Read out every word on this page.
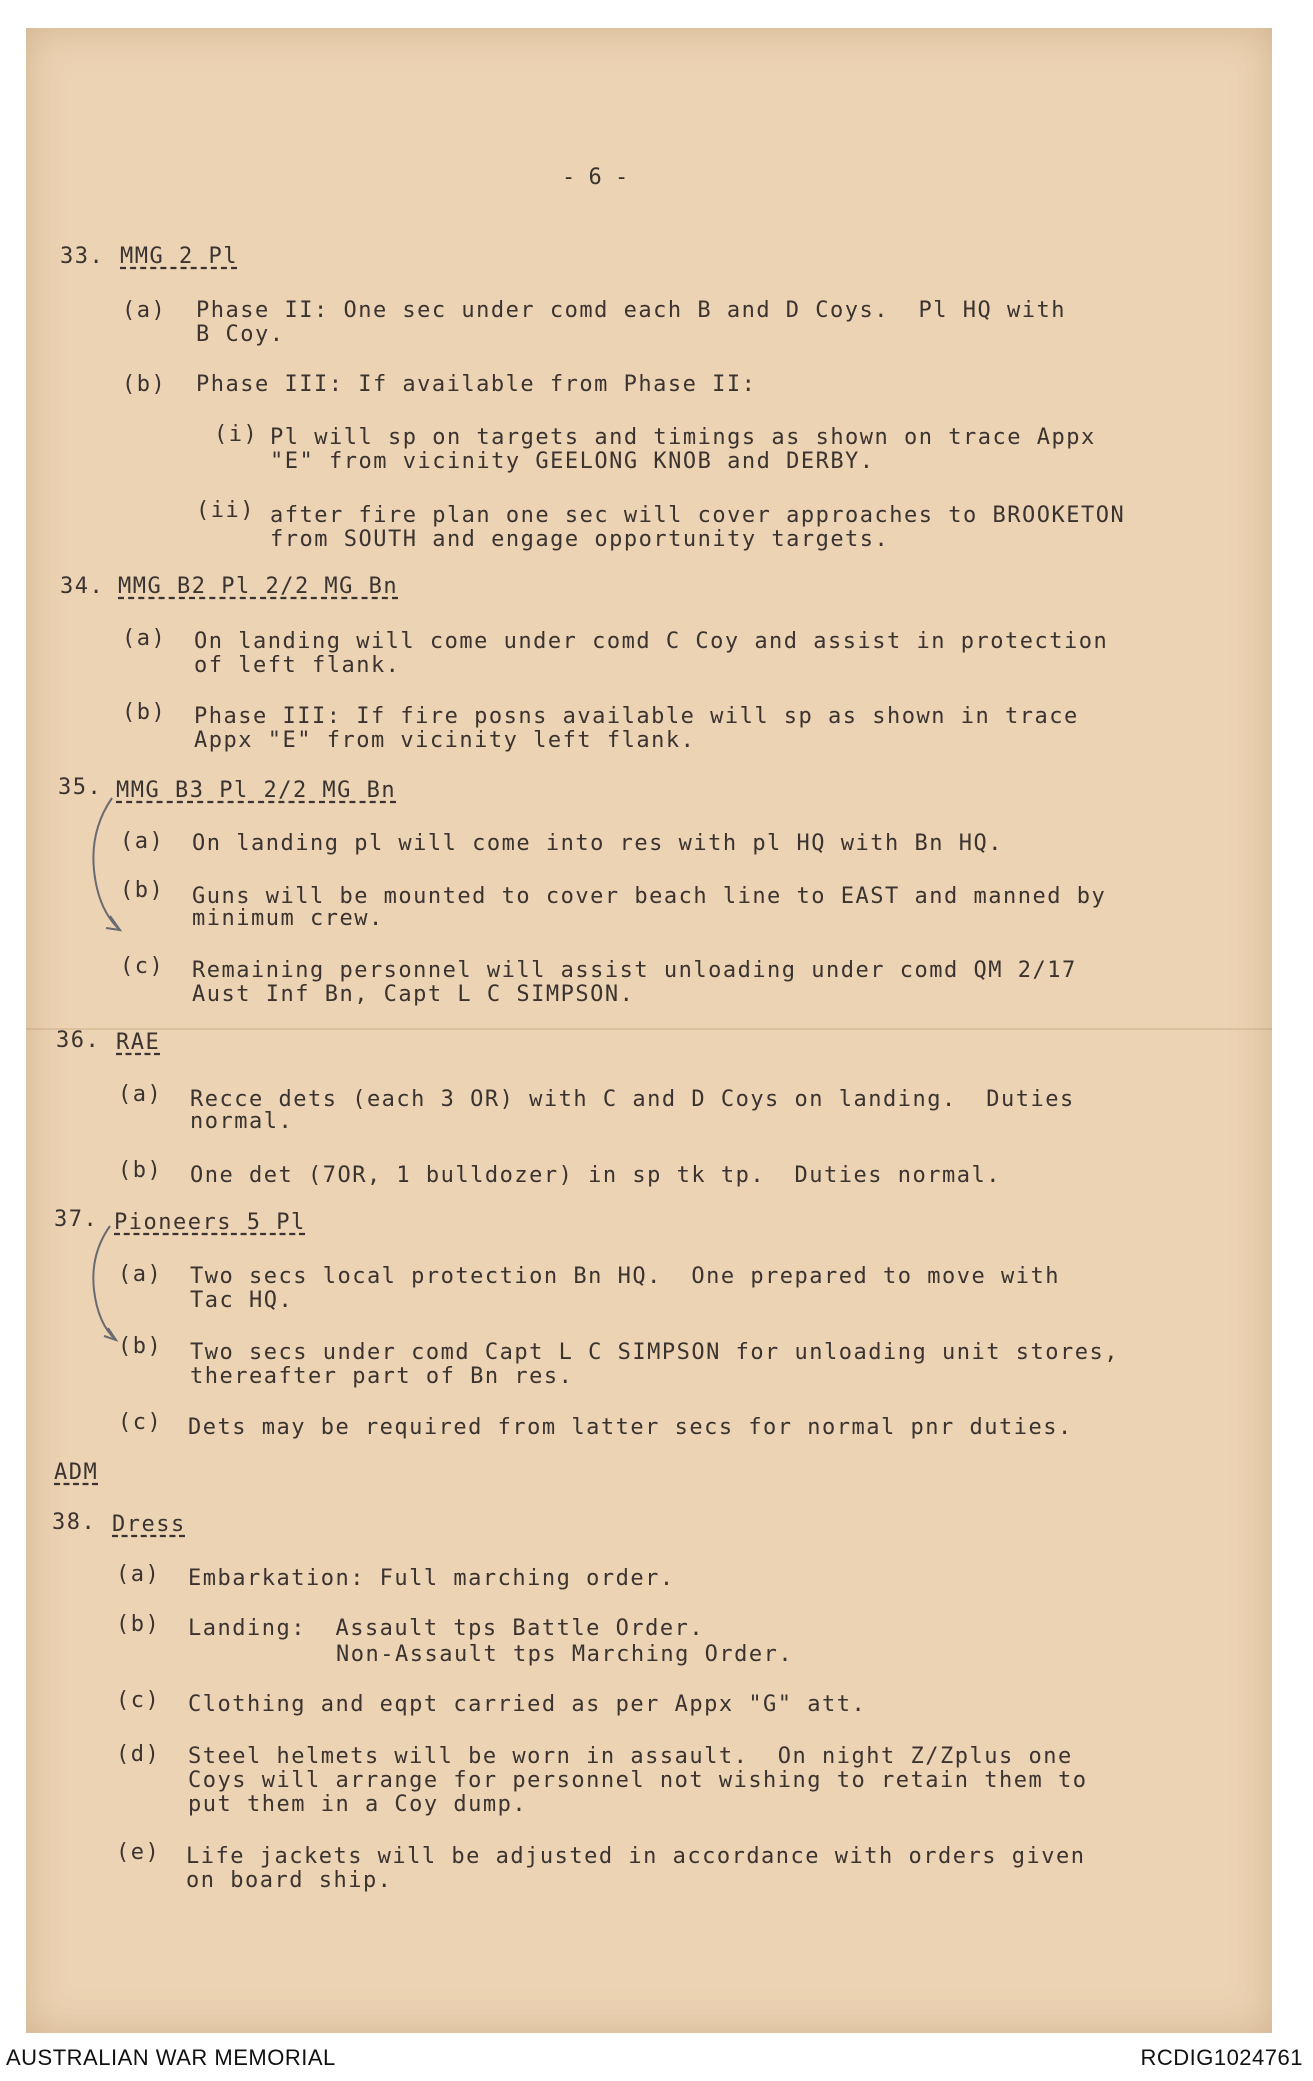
- 6 -
33. MMG 2 Pl
(a) Phase II: One sec under comd each B and D Coys.  Pl HQ with
B Coy.
(b) Phase III: If available from Phase II:
(i) Pl will sp on targets and timings as shown on trace Appx
"E" from vicinity GEELONG KNOB and DERBY.
(ii) after fire plan one sec will cover approaches to BROOKETON
from SOUTH and engage opportunity targets.
34. MMG B2 Pl 2/2 MG Bn
(a) On landing will come under comd C Coy and assist in protection
of left flank.
(b) Phase III: If fire posns available will sp as shown in trace
Appx "E" from vicinity left flank.
35. MMG B3 Pl 2/2 MG Bn
(a) On landing pl will come into res with pl HQ with Bn HQ.
(b) Guns will be mounted to cover beach line to EAST and manned by
minimum crew.
(c) Remaining personnel will assist unloading under comd QM 2/17
Aust Inf Bn, Capt L C SIMPSON.
36. RAE
(a) Recce dets (each 3 OR) with C and D Coys on landing.  Duties
normal.
(b) One det (7OR, 1 bulldozer) in sp tk tp.  Duties normal.
37. Pioneers 5 Pl
(a) Two secs local protection Bn HQ.  One prepared to move with
Tac HQ.
(b) Two secs under comd Capt L C SIMPSON for unloading unit stores,
thereafter part of Bn res.
(c) Dets may be required from latter secs for normal pnr duties.
ADM
38. Dress
(a) Embarkation: Full marching order.
(b) Landing:  Assault tps Battle Order.
Non-Assault tps Marching Order.
(c) Clothing and eqpt carried as per Appx "G" att.
(d) Steel helmets will be worn in assault.  On night Z/Zplus one
Coys will arrange for personnel not wishing to retain them to
put them in a Coy dump.
(e) Life jackets will be adjusted in accordance with orders given
on board ship.
AUSTRALIAN WAR MEMORIAL	RCDIG1024761
